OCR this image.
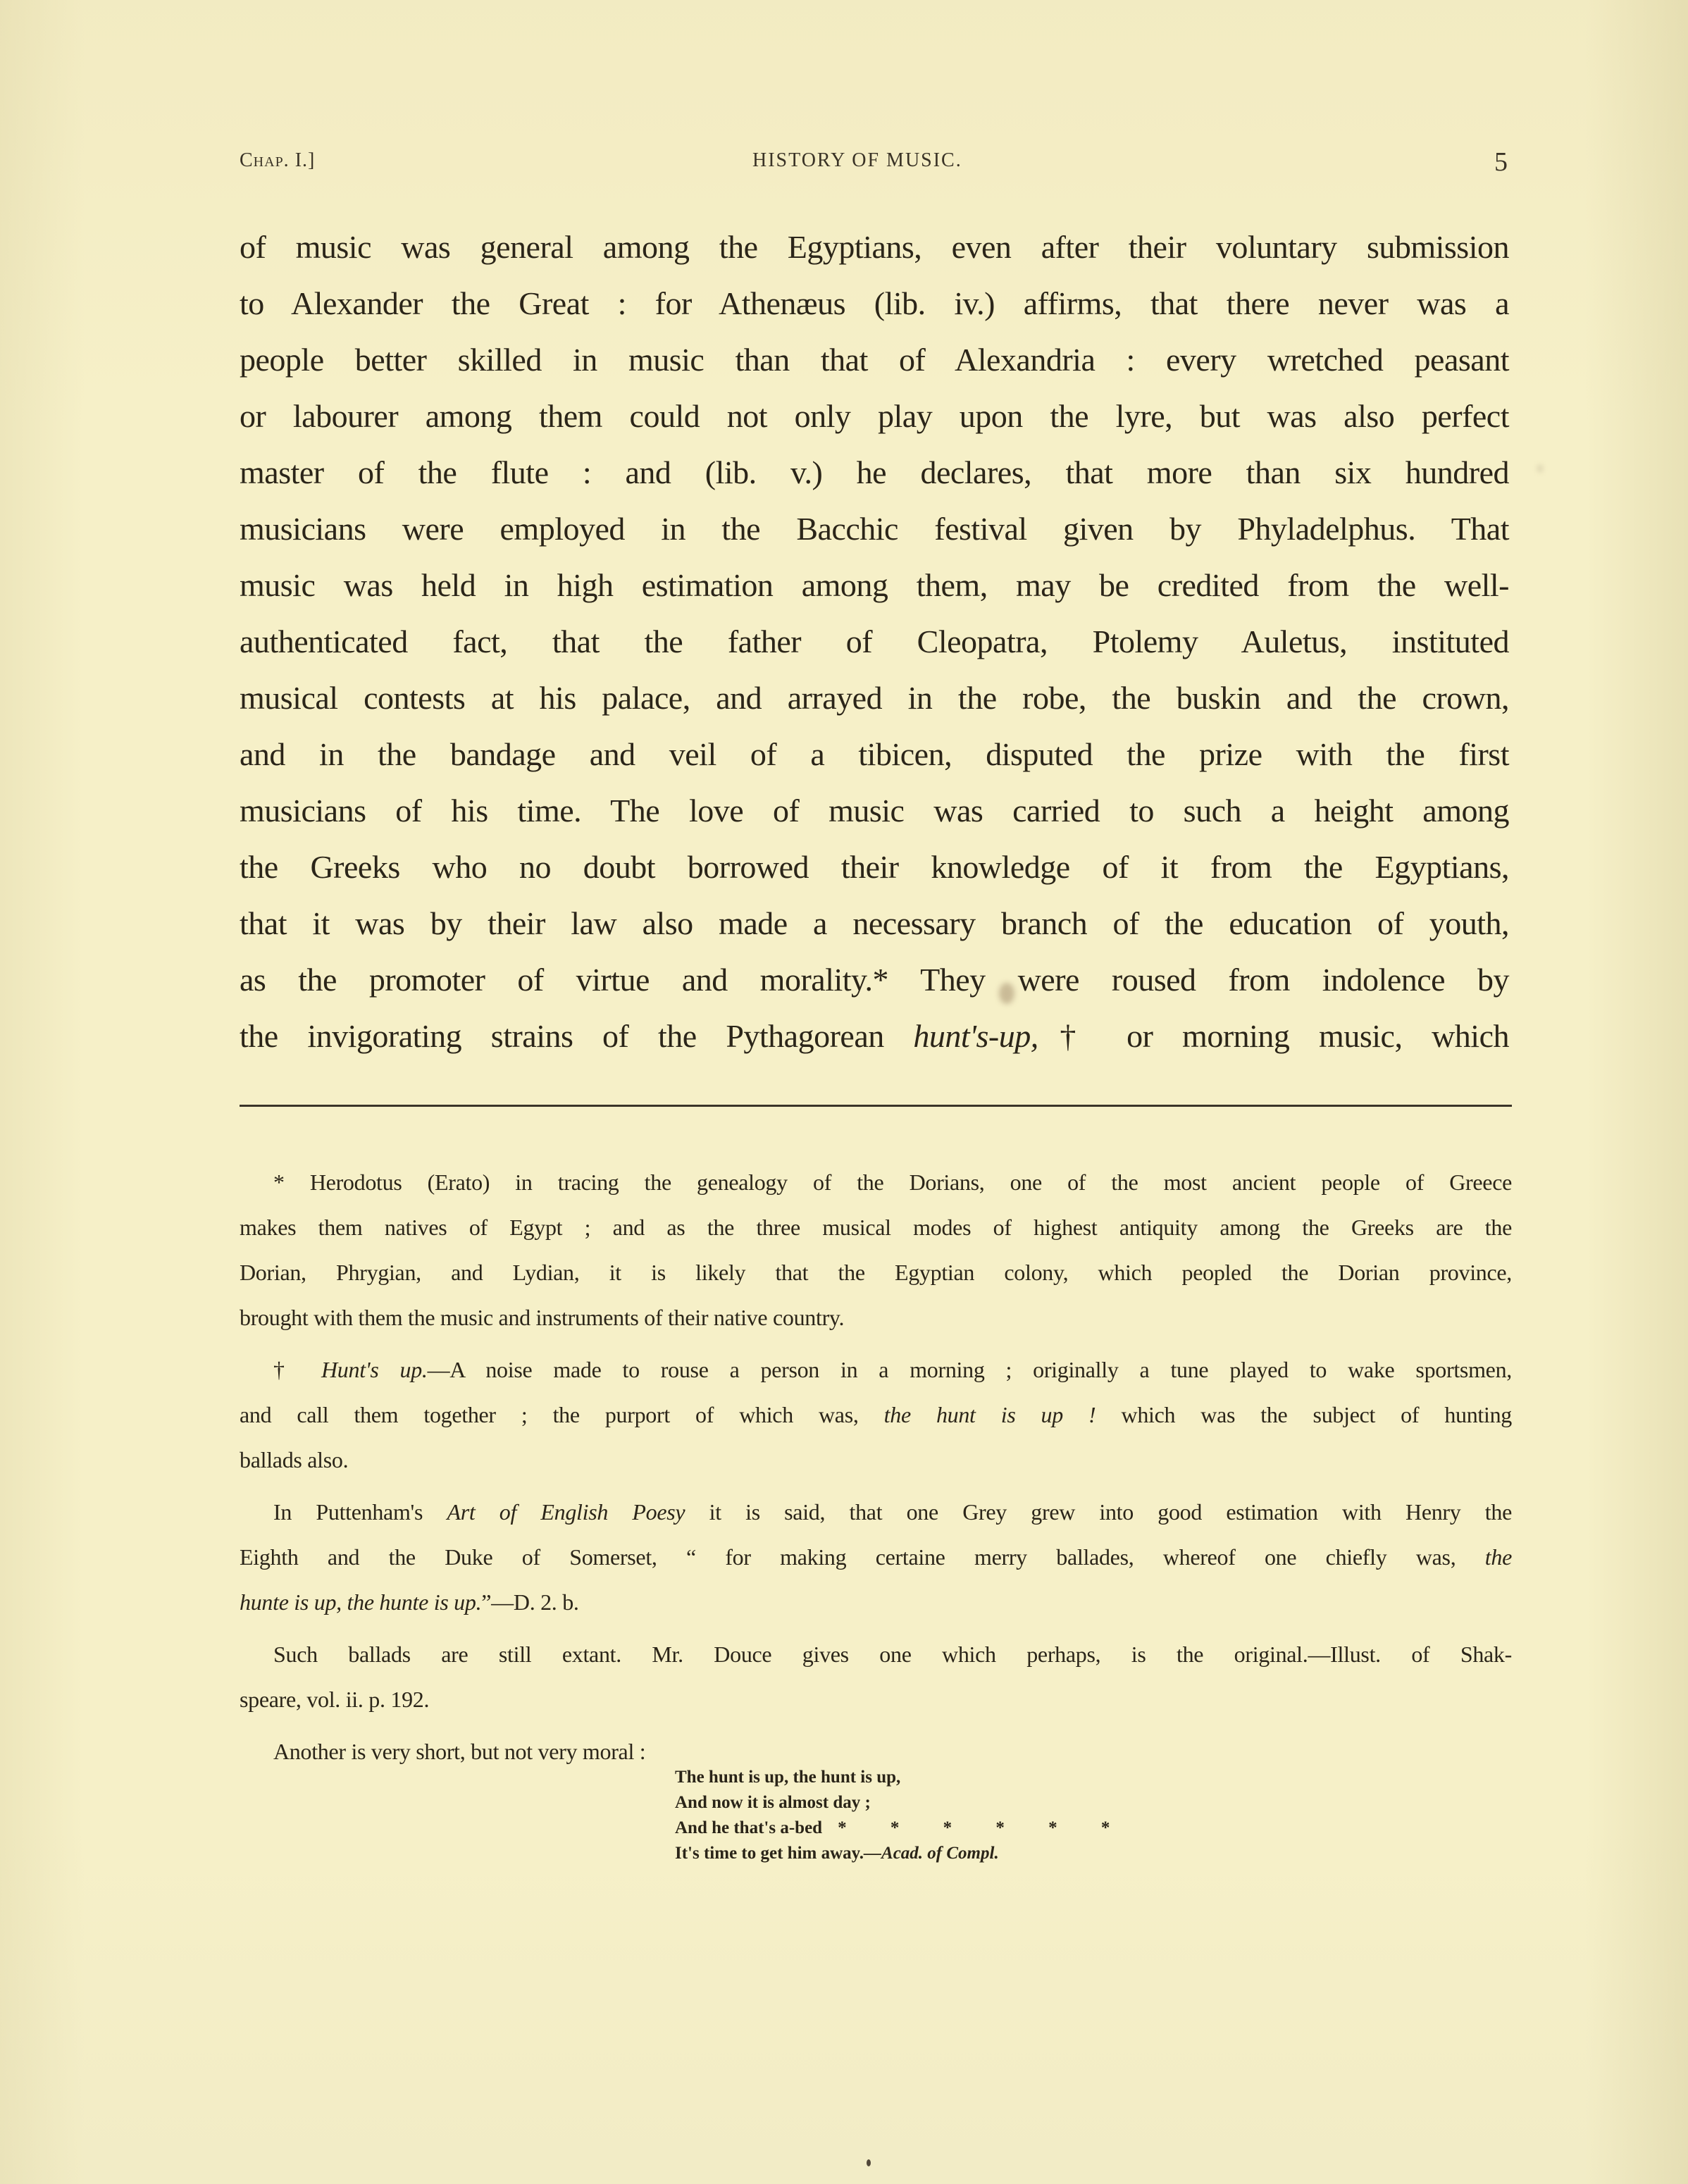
Chap. I.]	HISTORY OF MUSIC.	5
of music was general among the Egyptians, even after their voluntary submission
to Alexander the Great : for Athenæus (lib. iv.) affirms, that there never was a
people better skilled in music than that of Alexandria : every wretched peasant
or labourer among them could not only play upon the lyre, but was also perfect
master of the flute : and (lib. v.) he declares, that more than six hundred
musicians were employed in the Bacchic festival given by Phyladelphus. That
music was held in high estimation among them, may be credited from the well-
authenticated fact, that the father of Cleopatra, Ptolemy Auletus, instituted
musical contests at his palace, and arrayed in the robe, the buskin and the crown,
and in the bandage and veil of a tibicen, disputed the prize with the first
musicians of his time. The love of music was carried to such a height among
the Greeks who no doubt borrowed their knowledge of it from the Egyptians,
that it was by their law also made a necessary branch of the education of youth,
as the promoter of virtue and morality.* They were roused from indolence by
the invigorating strains of the Pythagorean hunt's-up,† or morning music, which
* Herodotus (Erato) in tracing the genealogy of the Dorians, one of the most ancient people of Greece
makes them natives of Egypt ; and as the three musical modes of highest antiquity among the Greeks are the
Dorian, Phrygian, and Lydian, it is likely that the Egyptian colony, which peopled the Dorian province,
brought with them the music and instruments of their native country.
† Hunt's up.—A noise made to rouse a person in a morning ; originally a tune played to wake sportsmen,
and call them together ; the purport of which was, the hunt is up ! which was the subject of hunting
ballads also.
In Puttenham's Art of English Poesy it is said, that one Grey grew into good estimation with Henry the
Eighth and the Duke of Somerset, “ for making certaine merry ballades, whereof one chiefly was, the
hunte is up, the hunte is up.”—D. 2. b.
Such ballads are still extant. Mr. Douce gives one which perhaps, is the original.—Illust. of Shak-
speare, vol. ii. p. 192.
Another is very short, but not very moral :
The hunt is up, the hunt is up,
And now it is almost day ;
And he that's a-bed * * * * * *
It's time to get him away.—Acad. of Compl.
